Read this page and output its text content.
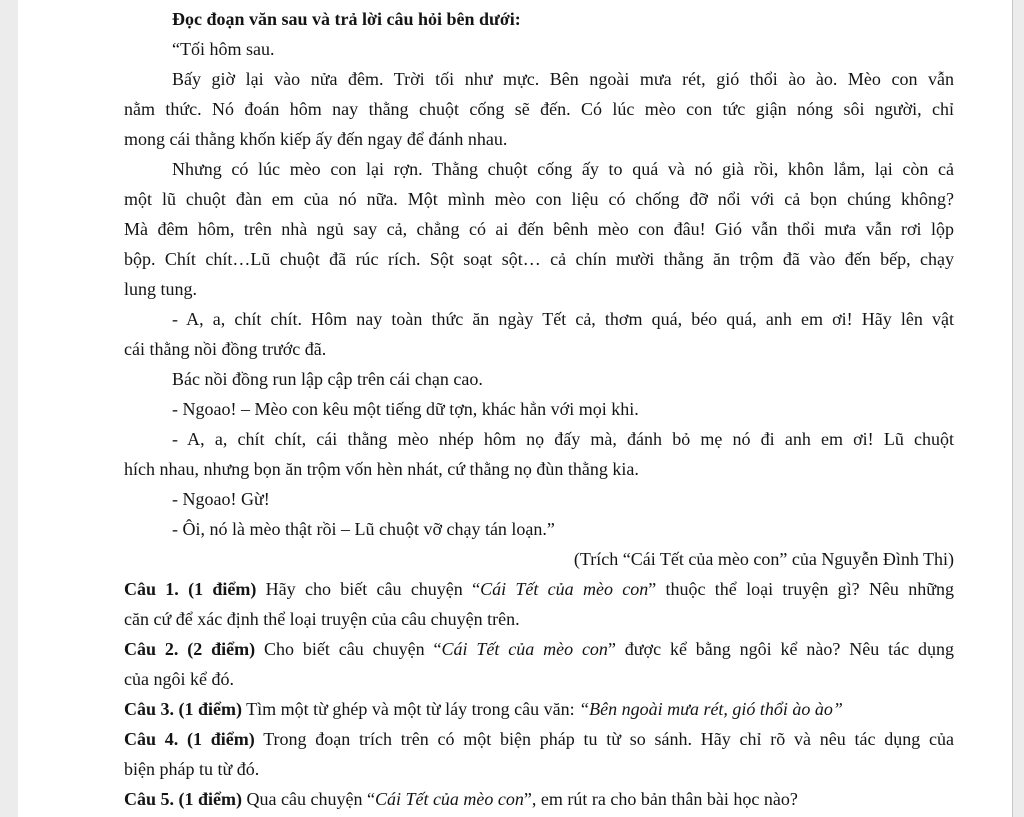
Đọc đoạn văn sau và trả lời câu hỏi bên dưới:
“Tối hôm sau.
Bấy giờ lại vào nửa đêm. Trời tối như mực. Bên ngoài mưa rét, gió thổi ào ào. Mèo con vẫn
nằm thức. Nó đoán hôm nay thằng chuột cống sẽ đến. Có lúc mèo con tức giận nóng sôi người, chỉ
mong cái thằng khốn kiếp ấy đến ngay để đánh nhau.
Nhưng có lúc mèo con lại rợn. Thằng chuột cống ấy to quá và nó già rồi, khôn lắm, lại còn cả
một lũ chuột đàn em của nó nữa. Một mình mèo con liệu có chống đỡ nổi với cả bọn chúng không?
Mà đêm hôm, trên nhà ngủ say cả, chẳng có ai đến bênh mèo con đâu! Gió vẫn thổi mưa vẫn rơi lộp
bộp. Chít chít…Lũ chuột đã rúc rích. Sột soạt sột… cả chín mười thằng ăn trộm đã vào đến bếp, chạy
lung tung.
- A, a, chít chít. Hôm nay toàn thức ăn ngày Tết cả, thơm quá, béo quá, anh em ơi! Hãy lên vật
cái thằng nồi đồng trước đã.
Bác nồi đồng run lập cập trên cái chạn cao.
- Ngoao! – Mèo con kêu một tiếng dữ tợn, khác hẳn với mọi khi.
- A, a, chít chít, cái thằng mèo nhép hôm nọ đấy mà, đánh bỏ mẹ nó đi anh em ơi! Lũ chuột
hích nhau, nhưng bọn ăn trộm vốn hèn nhát, cứ thằng nọ đùn thằng kia.
- Ngoao! Gừ!
- Ôi, nó là mèo thật rồi – Lũ chuột vỡ chạy tán loạn.”
(Trích “Cái Tết của mèo con” của Nguyễn Đình Thi)
Câu 1. (1 điểm) Hãy cho biết câu chuyện “Cái Tết của mèo con” thuộc thể loại truyện gì? Nêu những
căn cứ để xác định thể loại truyện của câu chuyện trên.
Câu 2. (2 điểm) Cho biết câu chuyện “Cái Tết của mèo con” được kể bằng ngôi kể nào? Nêu tác dụng
của ngôi kể đó.
Câu 3. (1 điểm) Tìm một từ ghép và một từ láy trong câu văn: “Bên ngoài mưa rét, gió thổi ào ào”
Câu 4. (1 điểm) Trong đoạn trích trên có một biện pháp tu từ so sánh. Hãy chỉ rõ và nêu tác dụng của
biện pháp tu từ đó.
Câu 5. (1 điểm) Qua câu chuyện “Cái Tết của mèo con”, em rút ra cho bản thân bài học nào?
